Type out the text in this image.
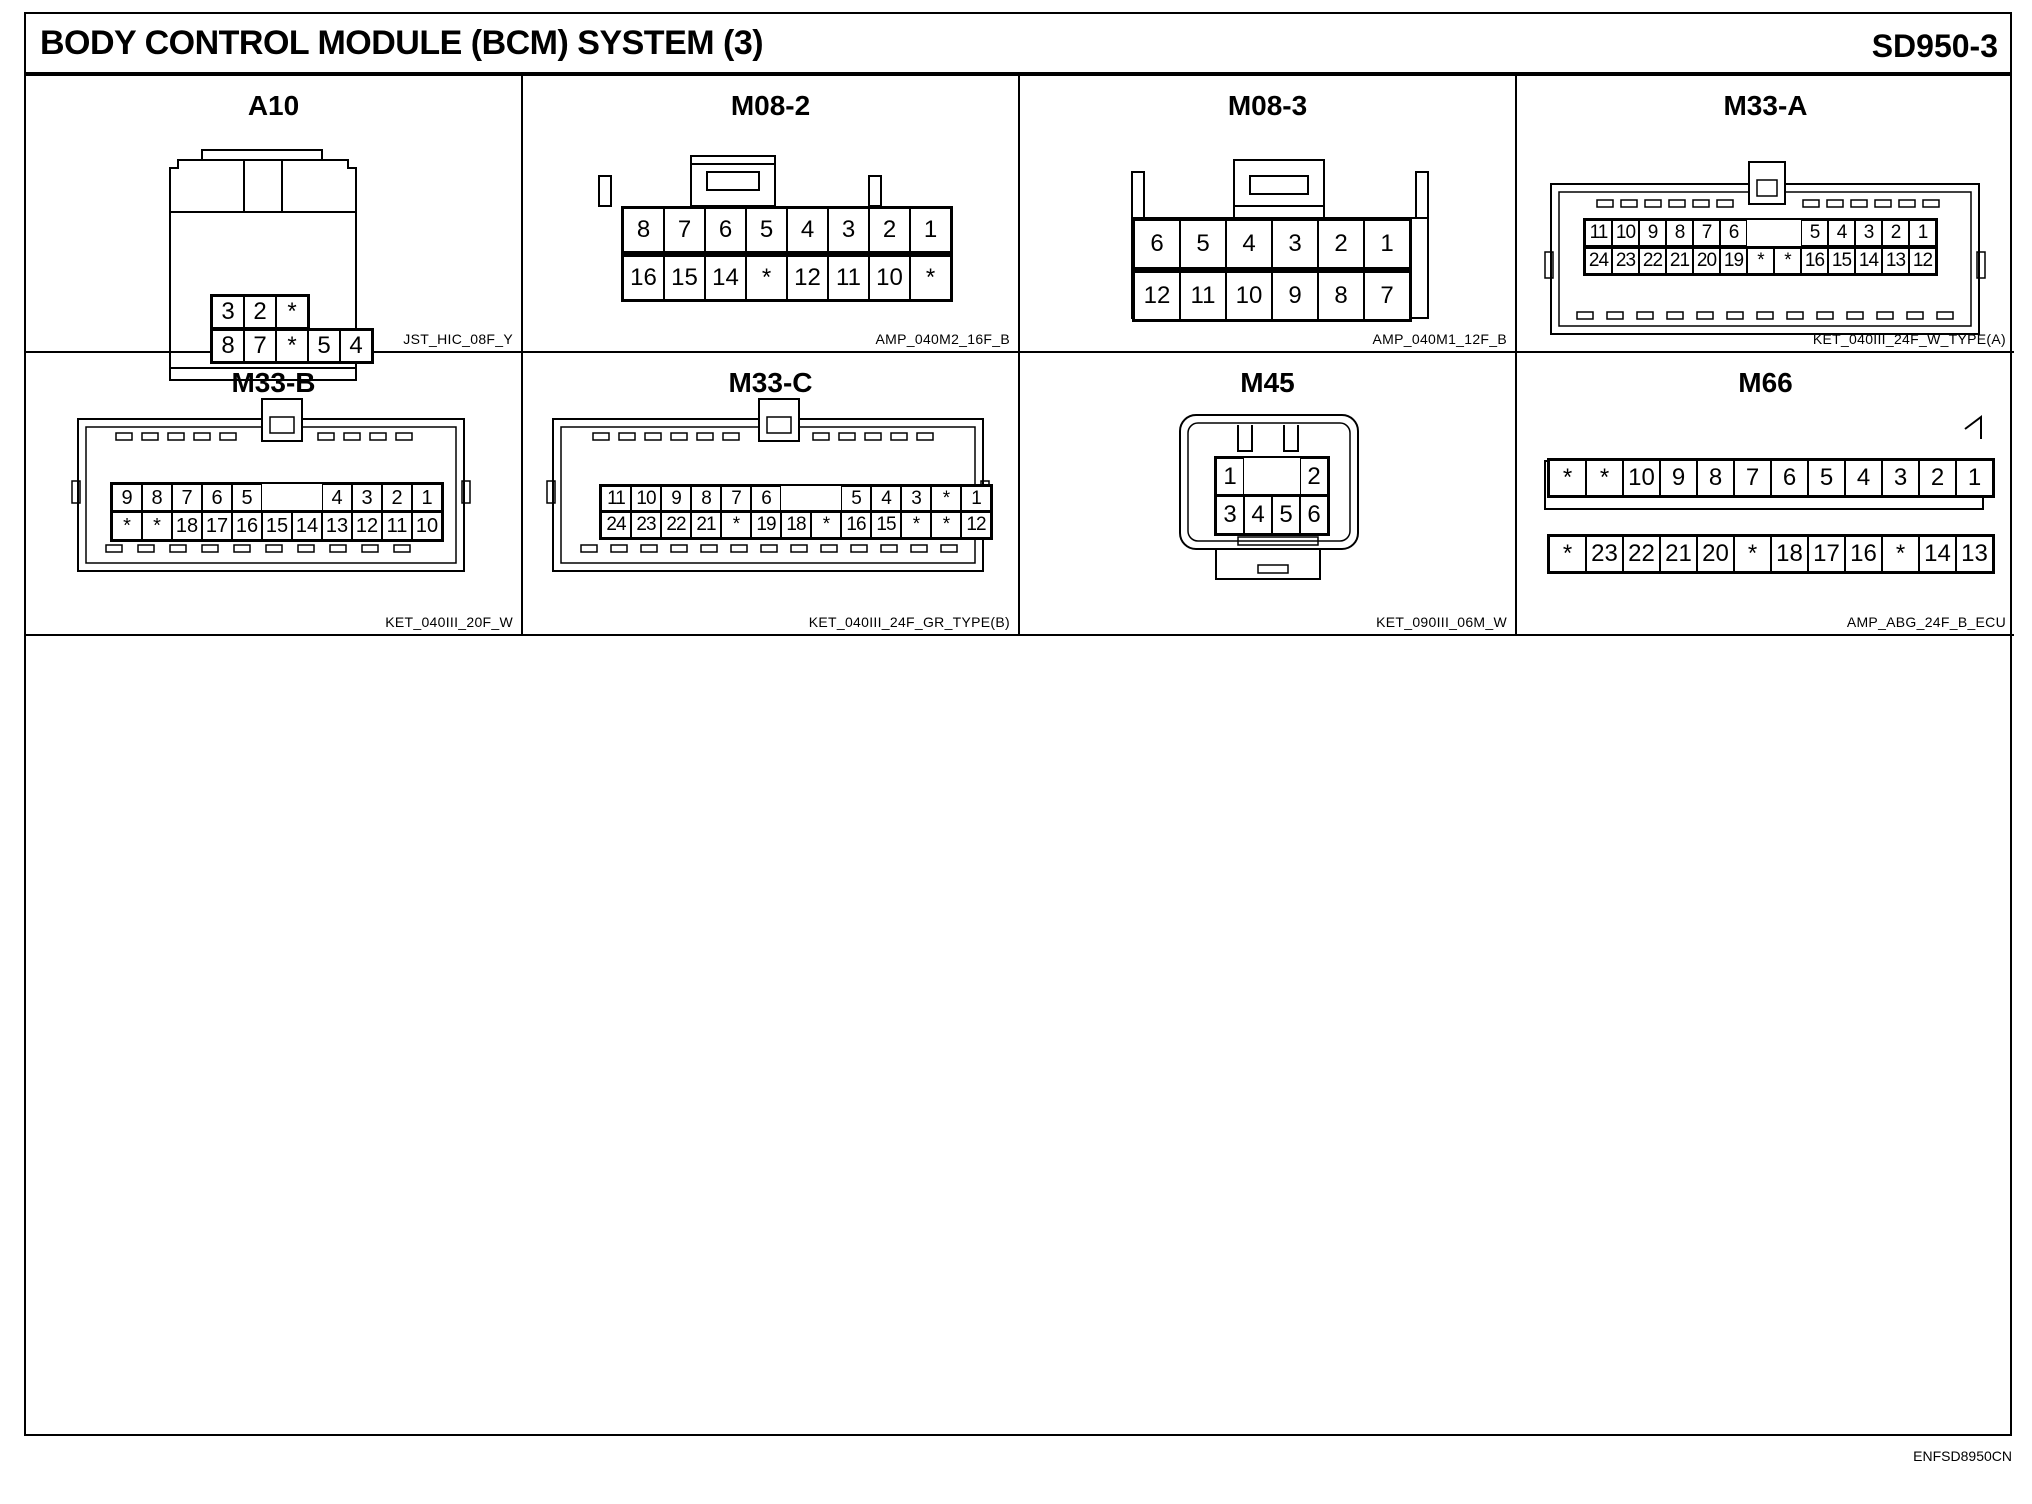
BODY CONTROL MODULE (BCM) SYSTEM (3)	SD950-3
A10
JST_HIC_08F_Y
3 2 *
8 7 * 5 4
M08-2
AMP_040M2_16F_B
8	7	6	5	4	3	2	1
16 15 14 * 12 11 10 *
M08-3
AMP_040M1_12F_B
6	5	4	3	2	1
12 11 10	9	8	7
M33-A
KET_040III_24F_W_TYPE(A)
11 10 9 8 7 6	5 4 3 2 1
24 23 22 21 20 19 *	* 16 15 14 13 12
M33-B
KET_040III_20F_W
9 8 7 6 5	4 3 2 1
*	* 18 17 16 15 14 13 12 11 10
M33-C
KET_040III_24F_GR_TYPE(B)
11 10 9	8	7	6	5	4	3	*	1
24 23 22 21 * 19 18 * 16 15 *	* 12
M45
KET_090III_06M_W
1	2
3 4 5 6
M66
AMP_ABG_24F_B_ECU
*	* 10 9 8 7 6 5 4 3 2 1
* 23 22 21 20 * 18 17 16 * 14 13
ENFSD8950CN
